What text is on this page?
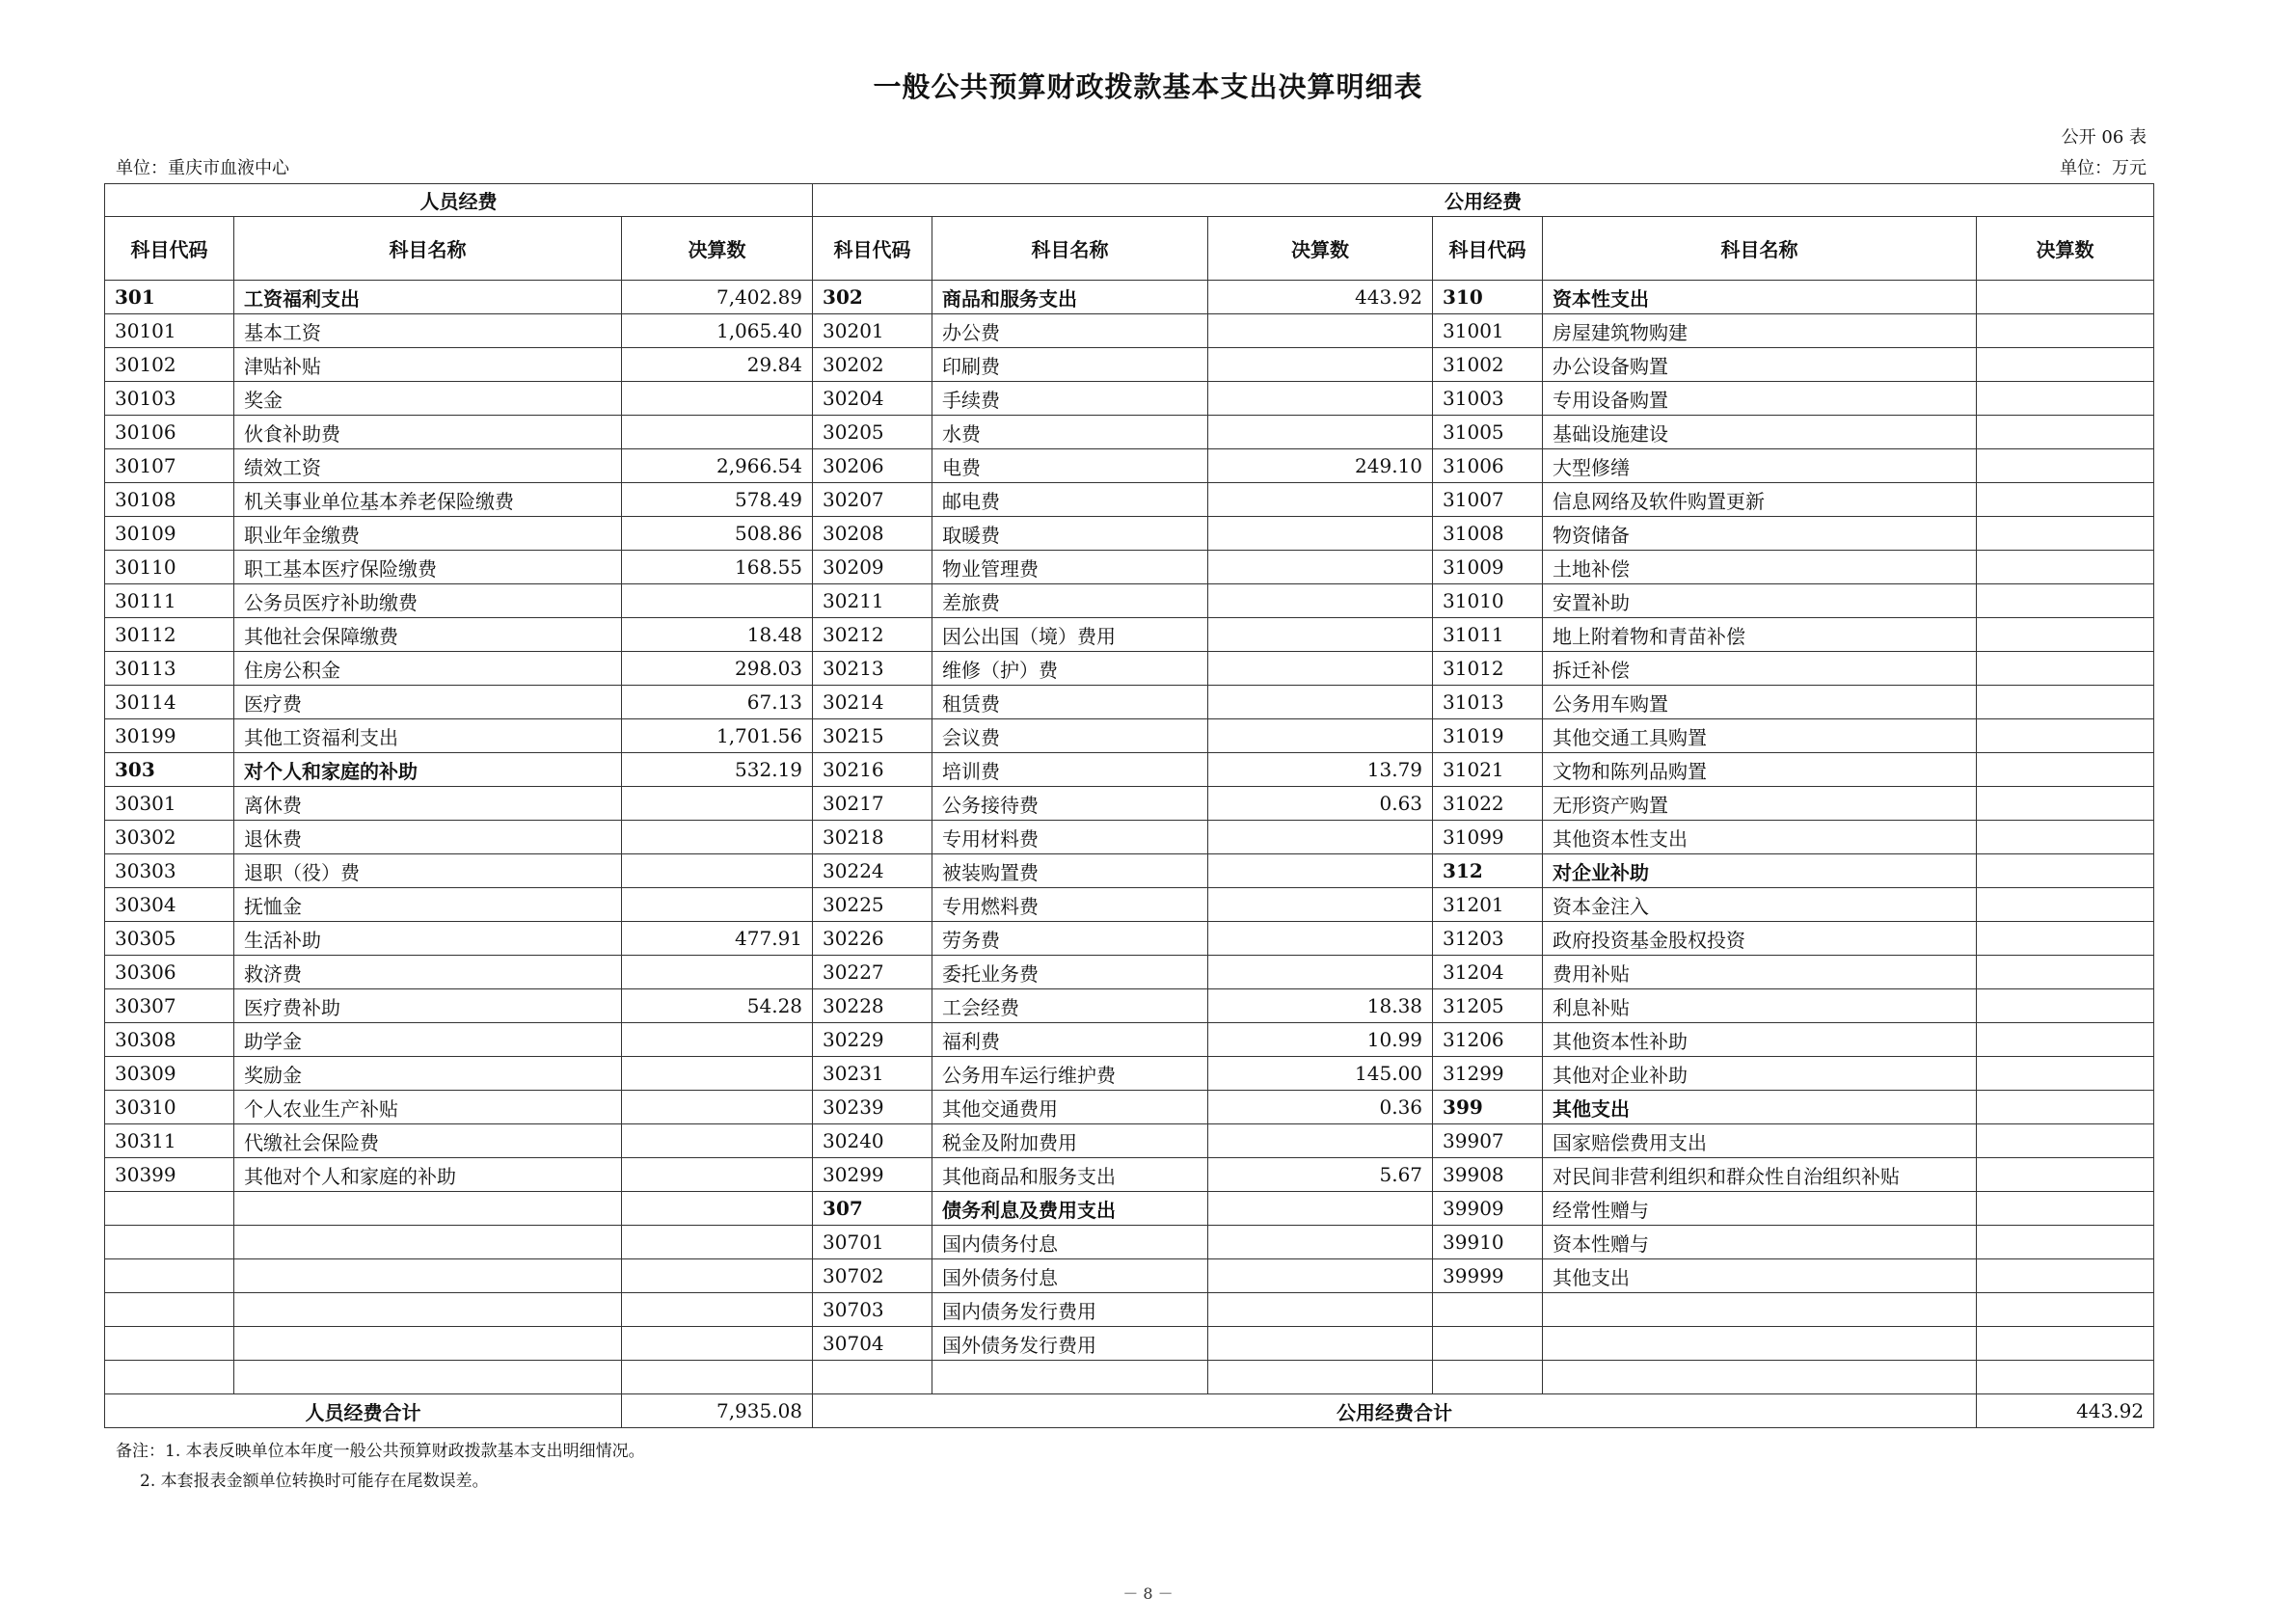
一般公共预算财政拨款基本支出决算明细表
公开 06 表
单位：重庆市血液中心	单位：万元
人员经费			公用经费					
科目代码	科目名称	决算数	科目代码	科目名称	决算数	科目代码	科目名称	决算数
301	工资福利支出	7,402.89	302	商品和服务支出	443.92	310	资本性支出	
30101	基本工资	1,065.40	30201	办公费		31001	房屋建筑物购建	
30102	津贴补贴	29.84	30202	印刷费		31002	办公设备购置	
30103	奖金		30204	手续费		31003	专用设备购置	
30106	伙食补助费		30205	水费		31005	基础设施建设	
30107	绩效工资	2,966.54	30206	电费	249.10	31006	大型修缮	
30108	机关事业单位基本养老保险缴费	578.49	30207	邮电费		31007	信息网络及软件购置更新	
30109	职业年金缴费	508.86	30208	取暖费		31008	物资储备	
30110	职工基本医疗保险缴费	168.55	30209	物业管理费		31009	土地补偿	
30111	公务员医疗补助缴费		30211	差旅费		31010	安置补助	
30112	其他社会保障缴费	18.48	30212	因公出国（境）费用		31011	地上附着物和青苗补偿	
30113	住房公积金	298.03	30213	维修（护）费		31012	拆迁补偿	
30114	医疗费	67.13	30214	租赁费		31013	公务用车购置	
30199	其他工资福利支出	1,701.56	30215	会议费		31019	其他交通工具购置	
303	对个人和家庭的补助	532.19	30216	培训费	13.79	31021	文物和陈列品购置	
30301	离休费		30217	公务接待费	0.63	31022	无形资产购置	
30302	退休费		30218	专用材料费		31099	其他资本性支出	
30303	退职（役）费		30224	被装购置费		312	对企业补助	
30304	抚恤金		30225	专用燃料费		31201	资本金注入	
30305	生活补助	477.91	30226	劳务费		31203	政府投资基金股权投资	
30306	救济费		30227	委托业务费		31204	费用补贴	
30307	医疗费补助	54.28	30228	工会经费	18.38	31205	利息补贴	
30308	助学金		30229	福利费	10.99	31206	其他资本性补助	
30309	奖励金		30231	公务用车运行维护费	145.00	31299	其他对企业补助	
30310	个人农业生产补贴		30239	其他交通费用	0.36	399	其他支出	
30311	代缴社会保险费		30240	税金及附加费用		39907	国家赔偿费用支出	
30399	其他对个人和家庭的补助		30299	其他商品和服务支出	5.67	39908	对民间非营利组织和群众性自治组织补贴	
			307	债务利息及费用支出		39909	经常性赠与	
			30701	国内债务付息		39910	资本性赠与	
			30702	国外债务付息		39999	其他支出	
			30703	国内债务发行费用				
			30704	国外债务发行费用				

人员经费合计		7,935.08	公用经费合计					443.92
备注：1. 本表反映单位本年度一般公共预算财政拨款基本支出明细情况。
2. 本套报表金额单位转换时可能存在尾数误差。
－ 8 －
